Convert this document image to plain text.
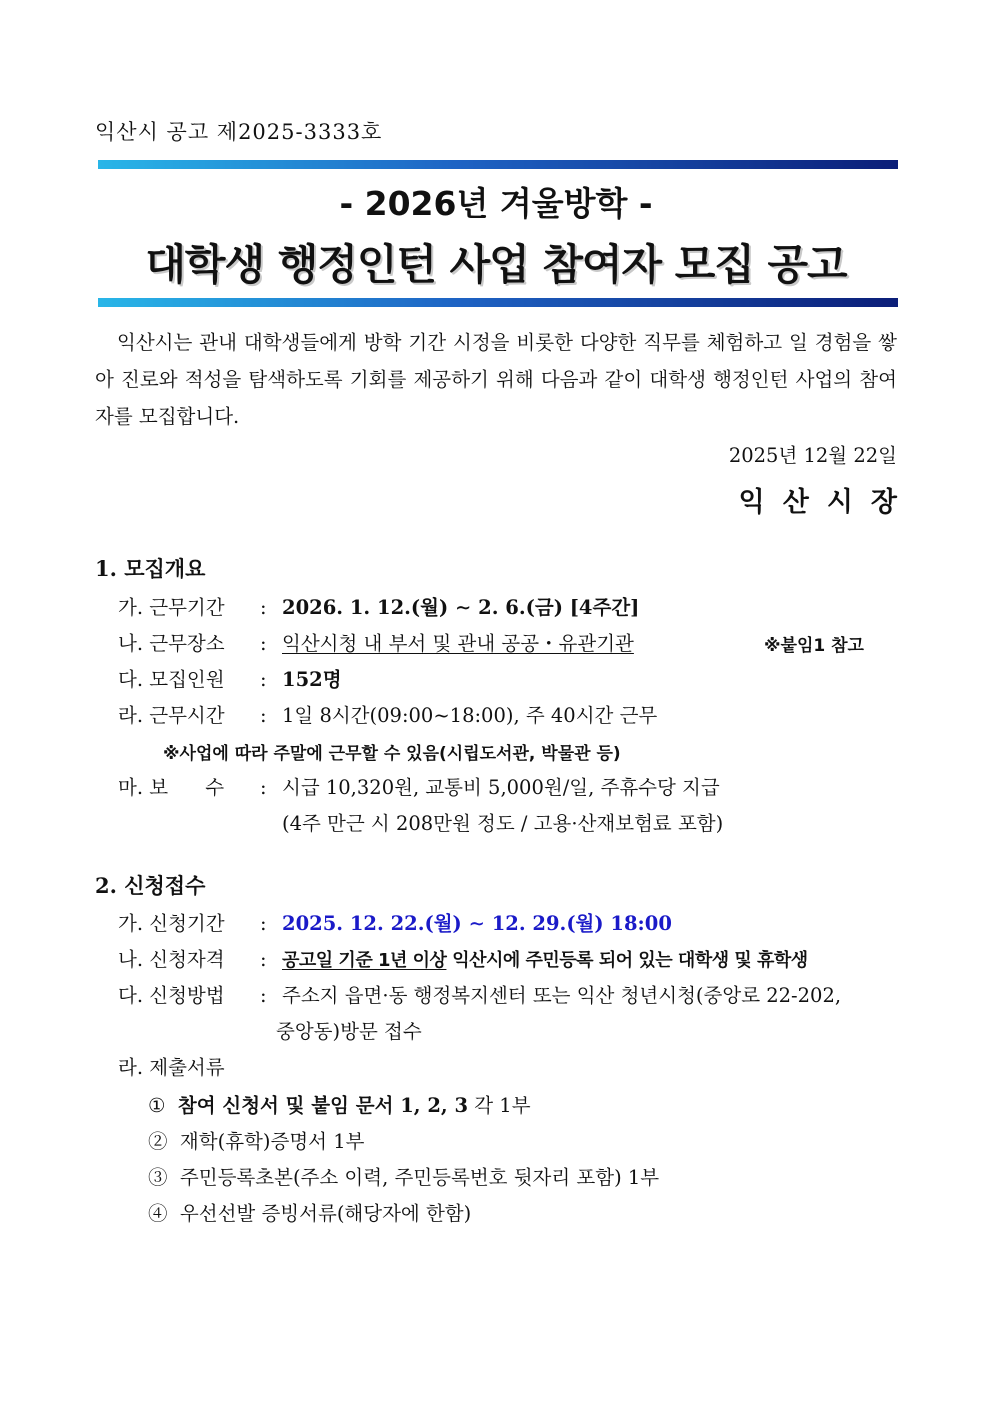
익산시 공고 제2025-3333호
- 2026년 겨울방학 -
대학생 행정인턴 사업 참여자 모집 공고
익산시는 관내 대학생들에게 방학 기간 시정을 비롯한 다양한 직무를 체험하고 일 경험을 쌓아 진로와 적성을 탐색하도록 기회를 제공하기 위해 다음과 같이 대학생 행정인턴 사업의 참여자를 모집합니다.
2025년 12월 22일
익산시장
1. 모집개요
가. 근무기간 : 2026. 1. 12.(월) ∼ 2. 6.(금) [4주간]
나. 근무장소 : 익산시청 내 부서 및 관내 공공・유관기관	※붙임1 참고
다. 모집인원 : 152명
라. 근무시간 : 1일 8시간(09:00~18:00), 주 40시간 근무
※사업에 따라 주말에 근무할 수 있음(시립도서관, 박물관 등)
마. 보      수 : 시급 10,320원, 교통비 5,000원/일, 주휴수당 지급
(4주 만근 시 208만원 정도 / 고용·산재보험료 포함)
2. 신청접수
가. 신청기간 : 2025. 12. 22.(월) ∼ 12. 29.(월) 18:00
나. 신청자격 : 공고일 기준 1년 이상 익산시에 주민등록 되어 있는 대학생 및 휴학생
다. 신청방법 : 주소지 읍면·동 행정복지센터 또는 익산 청년시청(중앙로 22-202,
중앙동)방문 접수
라. 제출서류
① 참여 신청서 및 붙임 문서 1, 2, 3 각 1부
② 재학(휴학)증명서 1부
③ 주민등록초본(주소 이력, 주민등록번호 뒷자리 포함) 1부
④ 우선선발 증빙서류(해당자에 한함)
